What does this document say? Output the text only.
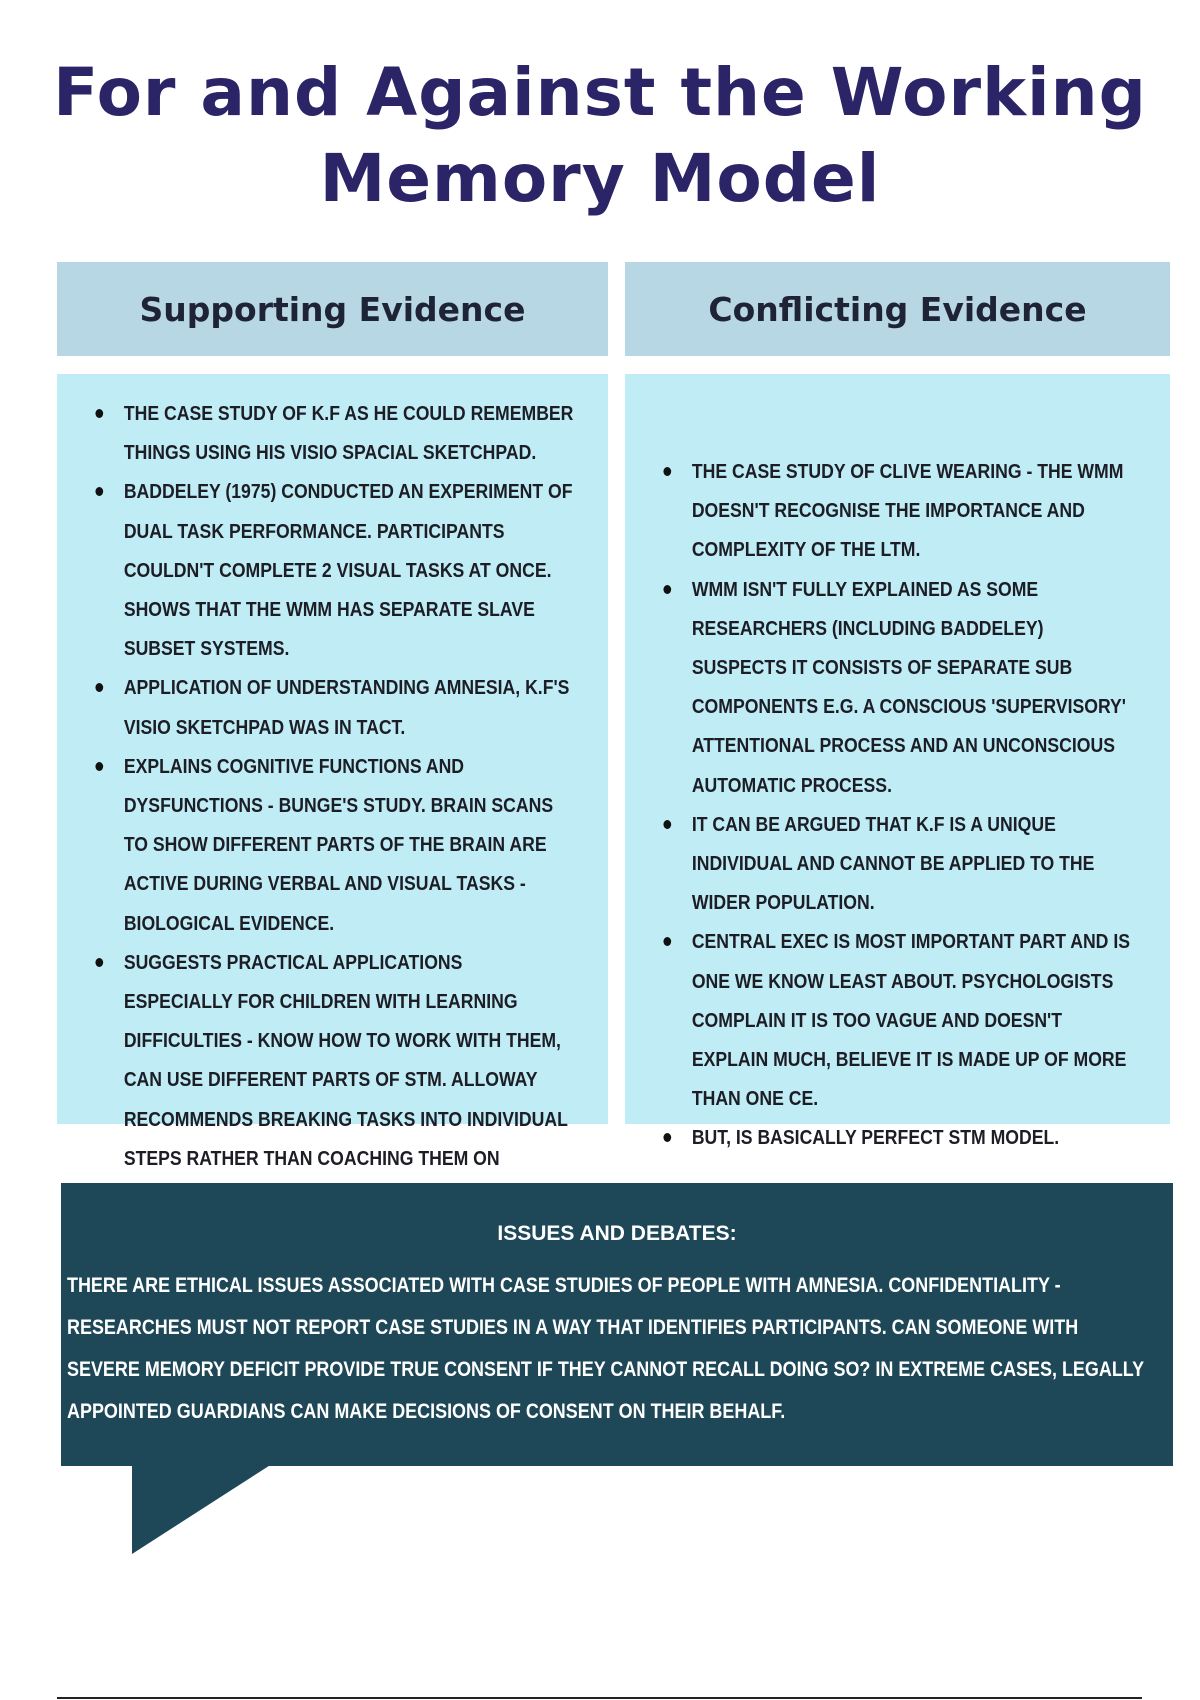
For and Against the Working Memory Model
Supporting Evidence	Conflicting Evidence
THE CASE STUDY OF K.F AS HE COULD REMEMBER THINGS USING HIS VISIO SPACIAL SKETCHPAD.
BADDELEY (1975) CONDUCTED AN EXPERIMENT OF DUAL TASK PERFORMANCE. PARTICIPANTS COULDN'T COMPLETE 2 VISUAL TASKS AT ONCE. SHOWS THAT THE WMM HAS SEPARATE SLAVE SUBSET SYSTEMS.
APPLICATION OF UNDERSTANDING AMNESIA, K.F'S VISIO SKETCHPAD WAS IN TACT.
EXPLAINS COGNITIVE FUNCTIONS AND DYSFUNCTIONS - BUNGE'S STUDY. BRAIN SCANS TO SHOW DIFFERENT PARTS OF THE BRAIN ARE ACTIVE DURING VERBAL AND VISUAL TASKS - BIOLOGICAL EVIDENCE.
SUGGESTS PRACTICAL APPLICATIONS ESPECIALLY FOR CHILDREN WITH LEARNING DIFFICULTIES - KNOW HOW TO WORK WITH THEM, CAN USE DIFFERENT PARTS OF STM. ALLOWAY RECOMMENDS BREAKING TASKS INTO INDIVIDUAL STEPS RATHER THAN COACHING THEM ON
THE CASE STUDY OF CLIVE WEARING - THE WMM DOESN'T RECOGNISE THE IMPORTANCE AND COMPLEXITY OF THE LTM.
WMM ISN'T FULLY EXPLAINED AS SOME RESEARCHERS (INCLUDING BADDELEY) SUSPECTS IT CONSISTS OF SEPARATE SUB COMPONENTS E.G. A CONSCIOUS 'SUPERVISORY' ATTENTIONAL PROCESS AND AN UNCONSCIOUS AUTOMATIC PROCESS.
IT CAN BE ARGUED THAT K.F IS A UNIQUE INDIVIDUAL AND CANNOT BE APPLIED TO THE WIDER POPULATION.
CENTRAL EXEC IS MOST IMPORTANT PART AND IS ONE WE KNOW LEAST ABOUT. PSYCHOLOGISTS COMPLAIN IT IS TOO VAGUE AND DOESN'T EXPLAIN MUCH, BELIEVE IT IS MADE UP OF MORE THAN ONE CE.
BUT, IS BASICALLY PERFECT STM MODEL.
ISSUES AND DEBATES:
THERE ARE ETHICAL ISSUES ASSOCIATED WITH CASE STUDIES OF PEOPLE WITH AMNESIA. CONFIDENTIALITY - RESEARCHES MUST NOT REPORT CASE STUDIES IN A WAY THAT IDENTIFIES PARTICIPANTS. CAN SOMEONE WITH SEVERE MEMORY DEFICIT PROVIDE TRUE CONSENT IF THEY CANNOT RECALL DOING SO? IN EXTREME CASES, LEGALLY APPOINTED GUARDIANS CAN MAKE DECISIONS OF CONSENT ON THEIR BEHALF.
